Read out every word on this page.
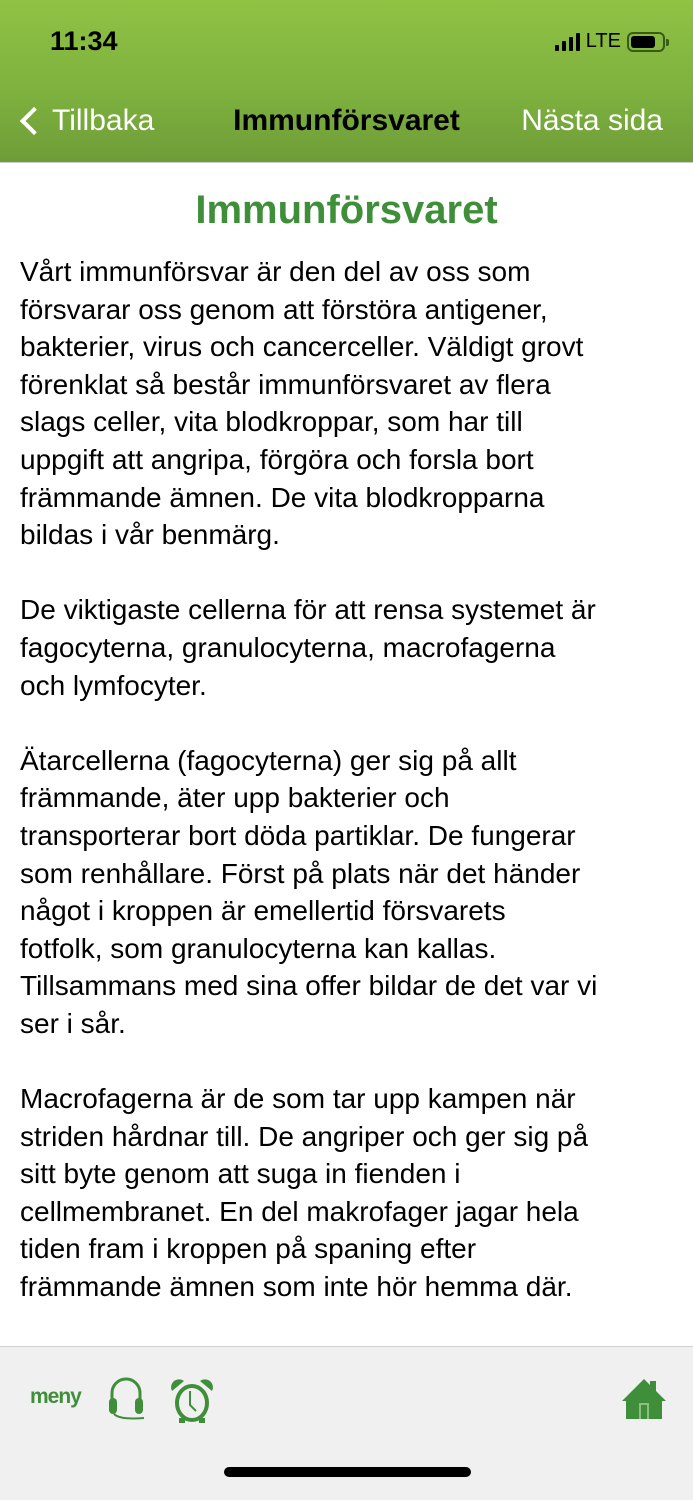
11:34	LTE
Tillbaka	Immunförsvaret	Nästa sida
Immunförsvaret

Vårt immunförsvar är den del av oss som
försvarar oss genom att förstöra antigener,
bakterier, virus och cancerceller. Väldigt grovt
förenklat så består immunförsvaret av flera
slags celler, vita blodkroppar, som har till
uppgift att angripa, förgöra och forsla bort
främmande ämnen. De vita blodkropparna
bildas i vår benmärg.

De viktigaste cellerna för att rensa systemet är
fagocyterna, granulocyterna, macrofagerna
och lymfocyter.

Ätarcellerna (fagocyterna) ger sig på allt
främmande, äter upp bakterier och
transporterar bort döda partiklar. De fungerar
som renhållare. Först på plats när det händer
något i kroppen är emellertid försvarets
fotfolk, som granulocyterna kan kallas.
Tillsammans med sina offer bildar de det var vi
ser i sår.

Macrofagerna är de som tar upp kampen när
striden hårdnar till. De angriper och ger sig på
sitt byte genom att suga in fienden i
cellmembranet. En del makrofager jagar hela
tiden fram i kroppen på spaning efter
främmande ämnen som inte hör hemma där.

meny
